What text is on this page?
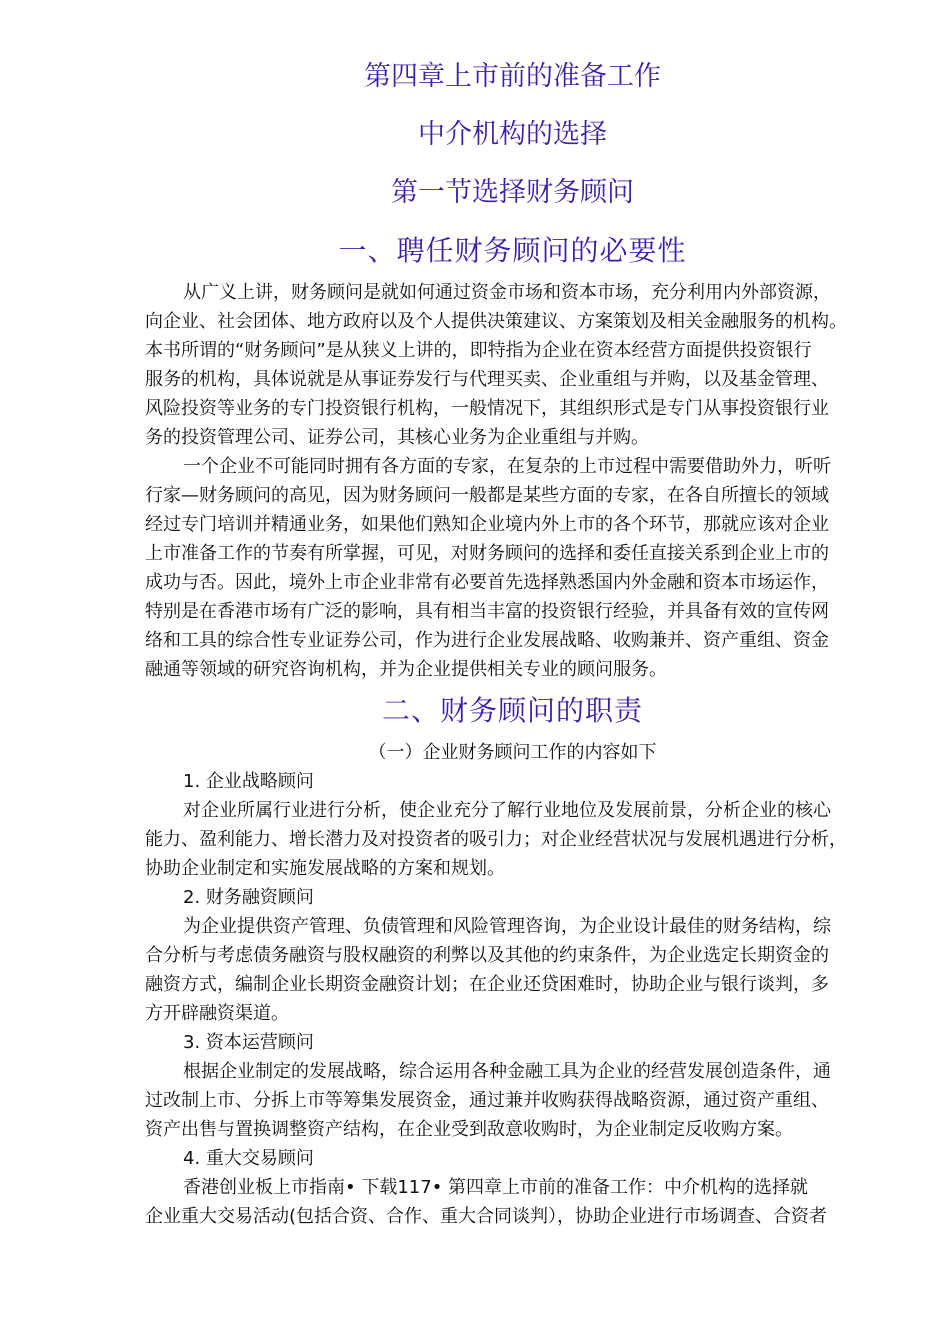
第四章上市前的准备工作
中介机构的选择
第一节选择财务顾问
一、聘任财务顾问的必要性
从广义上讲，财务顾问是就如何通过资金市场和资本市场，充分利用内外部资源，
向企业、社会团体、地方政府以及个人提供决策建议、方案策划及相关金融服务的机构。
本书所谓的“财务顾问”是从狭义上讲的，即特指为企业在资本经营方面提供投资银行
服务的机构，具体说就是从事证券发行与代理买卖、企业重组与并购，以及基金管理、
风险投资等业务的专门投资银行机构，一般情况下，其组织形式是专门从事投资银行业
务的投资管理公司、证券公司，其核心业务为企业重组与并购。
一个企业不可能同时拥有各方面的专家，在复杂的上市过程中需要借助外力，听听
行家—财务顾问的高见，因为财务顾问一般都是某些方面的专家，在各自所擅长的领域
经过专门培训并精通业务，如果他们熟知企业境内外上市的各个环节，那就应该对企业
上市准备工作的节奏有所掌握，可见，对财务顾问的选择和委任直接关系到企业上市的
成功与否。因此，境外上市企业非常有必要首先选择熟悉国内外金融和资本市场运作，
特别是在香港市场有广泛的影响，具有相当丰富的投资银行经验，并具备有效的宣传网
络和工具的综合性专业证券公司，作为进行企业发展战略、收购兼并、资产重组、资金
融通等领域的研究咨询机构，并为企业提供相关专业的顾问服务。
二、财务顾问的职责
（一）企业财务顾问工作的内容如下
1. 企业战略顾问
对企业所属行业进行分析，使企业充分了解行业地位及发展前景，分析企业的核心
能力、盈利能力、增长潜力及对投资者的吸引力；对企业经营状况与发展机遇进行分析，
协助企业制定和实施发展战略的方案和规划。
2. 财务融资顾问
为企业提供资产管理、负债管理和风险管理咨询，为企业设计最佳的财务结构，综
合分析与考虑债务融资与股权融资的利弊以及其他的约束条件，为企业选定长期资金的
融资方式，编制企业长期资金融资计划；在企业还贷困难时，协助企业与银行谈判，多
方开辟融资渠道。
3. 资本运营顾问
根据企业制定的发展战略，综合运用各种金融工具为企业的经营发展创造条件，通
过改制上市、分拆上市等筹集发展资金，通过兼并收购获得战略资源，通过资产重组、
资产出售与置换调整资产结构，在企业受到敌意收购时，为企业制定反收购方案。
4. 重大交易顾问
香港创业板上市指南• 下载117• 第四章上市前的准备工作：中介机构的选择就
企业重大交易活动(包括合资、合作、重大合同谈判），协助企业进行市场调查、合资者
